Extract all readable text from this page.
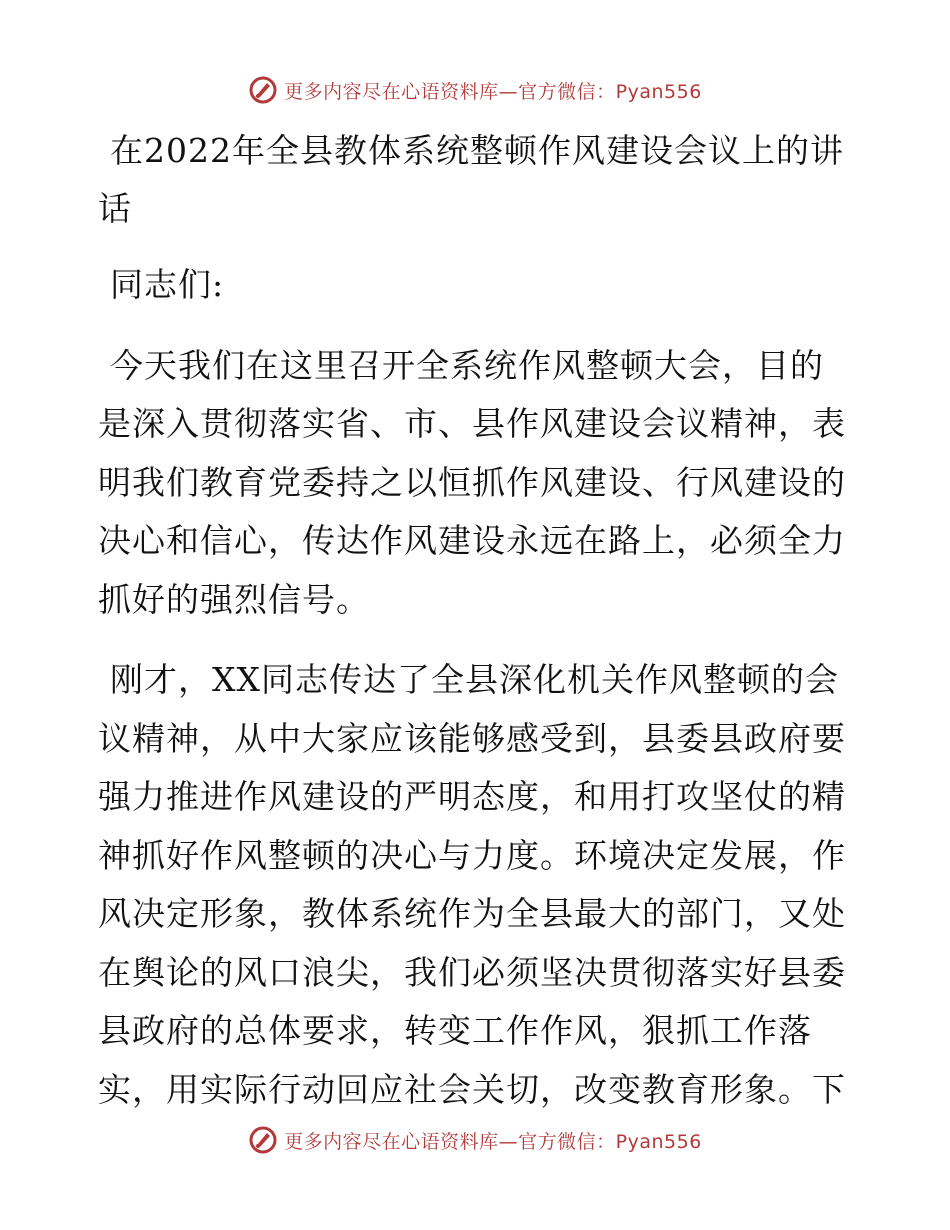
更多内容尽在心语资料库—官方微信：Pyan556
在2022年全县教体系统整顿作风建设会议上的讲话

同志们:

今天我们在这里召开全系统作风整顿大会，目的是深入贯彻落实省、市、县作风建设会议精神，表明我们教育党委持之以恒抓作风建设、行风建设的决心和信心，传达作风建设永远在路上，必须全力抓好的强烈信号。

刚才，XX同志传达了全县深化机关作风整顿的会议精神，从中大家应该能够感受到，县委县政府要强力推进作风建设的严明态度，和用打攻坚仗的精神抓好作风整顿的决心与力度。环境决定发展，作风决定形象，教体系统作为全县最大的部门，又处在舆论的风口浪尖，我们必须坚决贯彻落实好县委县政府的总体要求，转变工作作风，狠抓工作落实，用实际行动回应社会关切，改变教育形象。下

更多内容尽在心语资料库—官方微信：Pyan556
